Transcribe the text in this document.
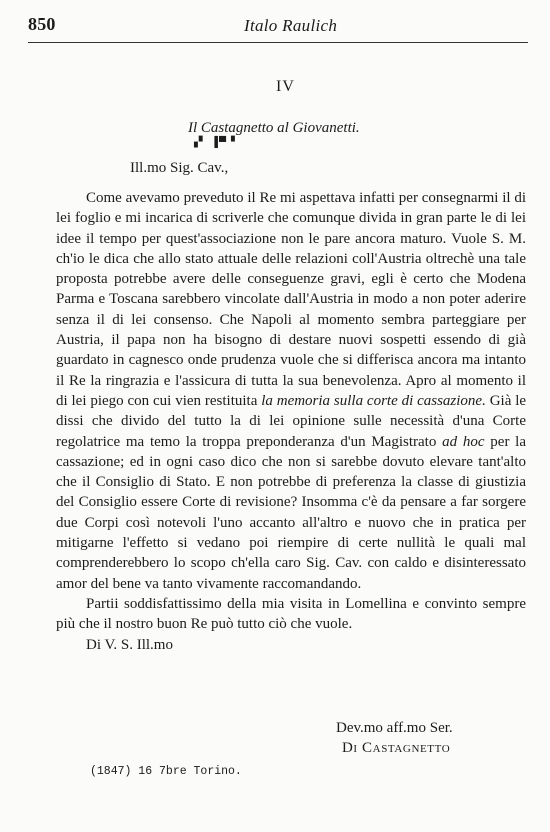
850	Italo Raulich
IV
Il Castagnetto al Giovanetti.
▗▘ ▐▀▝
Ill.mo Sig. Cav.,

Come avevamo preveduto il Re mi aspettava infatti per consegnarmi il di lei foglio e mi incarica di scriverle che comunque divida in gran parte le di lei idee il tempo per quest'associazione non le pare ancora maturo. Vuole S. M. ch'io le dica che allo stato attuale delle relazioni coll'Austria oltrechè una tale proposta potrebbe avere delle conseguenze gravi, egli è certo che Modena Parma e Toscana sarebbero vincolate dall'Austria in modo a non poter aderire senza il di lei consenso. Che Napoli al momento sembra parteggiare per Austria, il papa non ha bisogno di destare nuovi sospetti essendo di già guardato in cagnesco onde prudenza vuole che si differisca ancora ma intanto il Re la ringrazia e l'assicura di tutta la sua benevolenza. Apro al momento il di lei piego con cui vien restituita la memoria sulla corte di cassazione. Già le dissi che divido del tutto la di lei opinione sulle necessità d'una Corte regolatrice ma temo la troppa preponderanza d'un Magistrato ad hoc per la cassazione; ed in ogni caso dico che non si sarebbe dovuto elevare tant'alto che il Consiglio di Stato. E non potrebbe di preferenza la classe di giustizia del Consiglio essere Corte di revisione? Insomma c'è da pensare a far sorgere due Corpi così notevoli l'uno accanto all'altro e nuovo che in pratica per mitigarne l'effetto si vedano poi riempire di certe nullità le quali mal comprenderebbero lo scopo ch'ella caro Sig. Cav. con caldo e disinteressato amor del bene va tanto vivamente raccomandando.

Partii soddisfattissimo della mia visita in Lomellina e convinto sempre più che il nostro buon Re può tutto ciò che vuole.

Di V. S. Ill.mo

Dev.mo aff.mo Ser.
Di Castagnetto
(1847) 16 7bre Torino.
